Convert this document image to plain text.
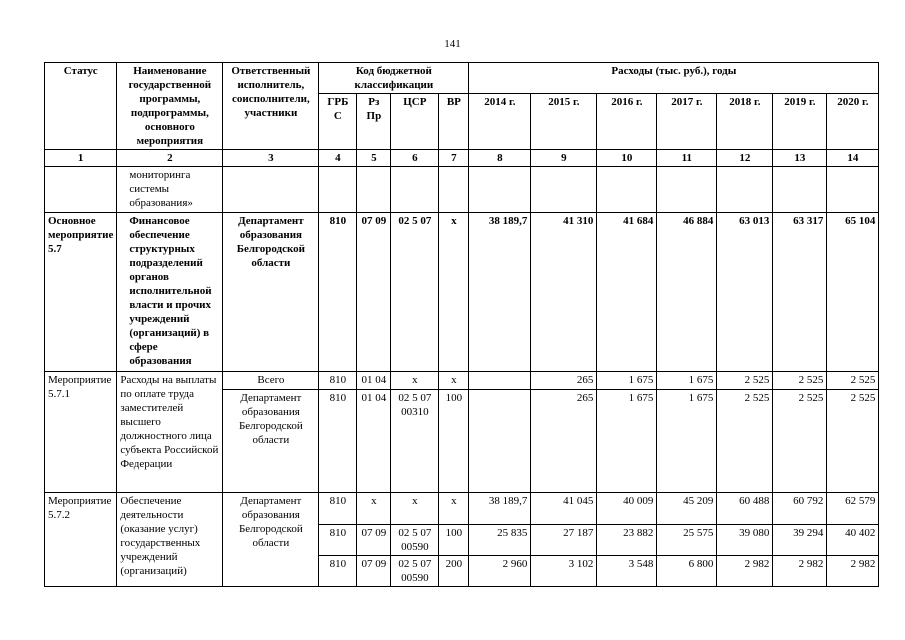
141
Статус	Наименование государственной программы, подпрограммы, основного мероприятия	Ответственный исполнитель, соисполнители, участники	Код бюджетной классификации				Расходы (тыс. руб.), годы						
			ГРБ С	Рз Пр	ЦСР	ВР	2014 г.	2015 г.	2016 г.	2017 г.	2018 г.	2019 г.	2020 г.
1	2	3	4	5	6	7	8	9	10	11	12	13	14
	мониторинга системы образования»												
Основное мероприятие 5.7	Финансовое обеспечение структурных подразделений органов исполнительной власти и прочих учреждений (организаций) в сфере образования	Департамент образования Белгородской области	810	07 09	02 5 07	х	38 189,7	41 310	41 684	46 884	63 013	63 317	65 104
Мероприятие 5.7.1	Расходы на выплаты по оплате труда заместителей высшего должностного лица субъекта Российской Федерации	Всего	810	01 04	х	х		265	1 675	1 675	2 525	2 525	2 525
		Департамент образования Белгородской области	810	01 04	02 5 07 00310	100		265	1 675	1 675	2 525	2 525	2 525
Мероприятие 5.7.2	Обеспечение деятельности (оказание услуг) государственных учреждений (организаций)	Департамент образования Белгородской области	810	х	х	х	38 189,7	41 045	40 009	45 209	60 488	60 792	62 579
			810	07 09	02 5 07 00590	100	25 835	27 187	23 882	25 575	39 080	39 294	40 402
			810	07 09	02 5 07 00590	200	2 960	3 102	3 548	6 800	2 982	2 982	2 982
